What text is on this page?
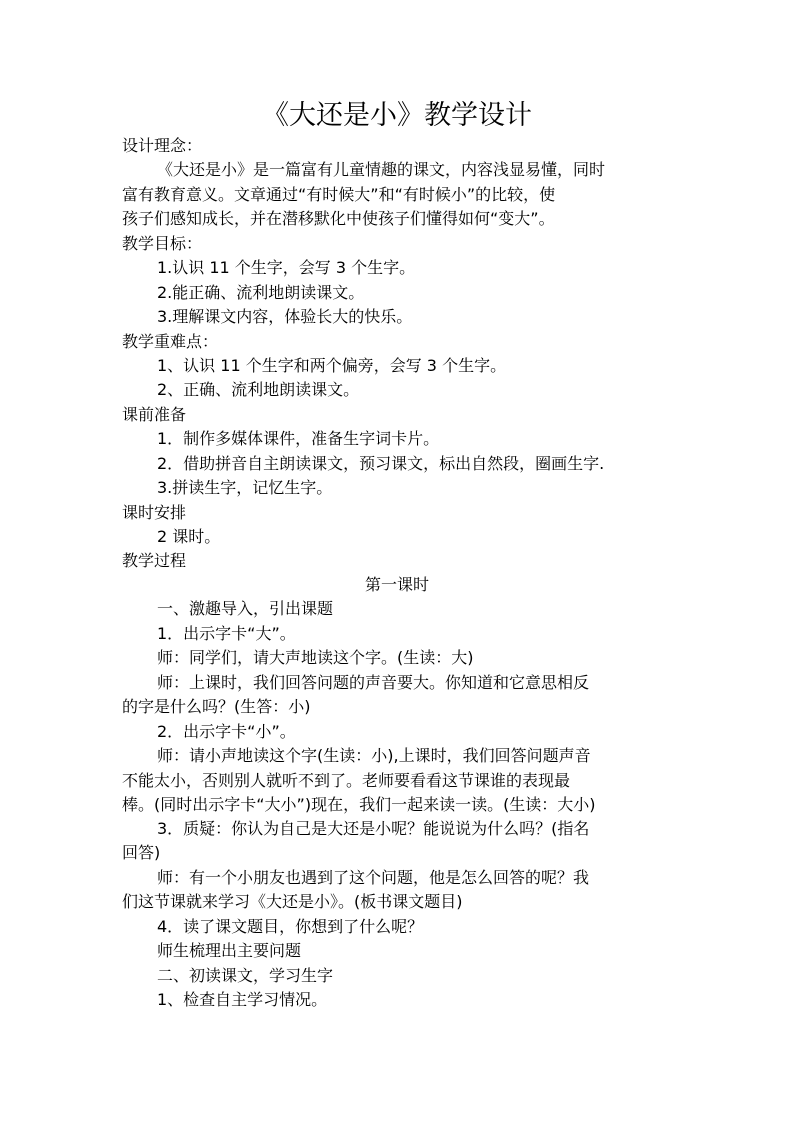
《大还是小》教学设计
设计理念：
《大还是小》是一篇富有儿童情趣的课文，内容浅显易懂，同时
富有教育意义。文章通过“有时候大”和“有时候小”的比较，使
孩子们感知成长，并在潜移默化中使孩子们懂得如何“变大”。
教学目标：
1.认识 11 个生字，会写 3 个生字。
2.能正确、流利地朗读课文。
3.理解课文内容，体验长大的快乐。
教学重难点：
1、认识 11 个生字和两个偏旁，会写 3 个生字。
2、正确、流利地朗读课文。
课前准备
1．制作多媒体课件，准备生字词卡片。
2．借助拼音自主朗读课文，预习课文，标出自然段，圈画生字.
3.拼读生字，记忆生字。
课时安排
2 课时。
教学过程
第一课时
一、激趣导入，引出课题
1．出示字卡“大”。
师：同学们，请大声地读这个字。(生读：大)
师：上课时，我们回答问题的声音要大。你知道和它意思相反
的字是什么吗？(生答：小)
2．出示字卡“小”。
师：请小声地读这个字(生读：小),上课时，我们回答问题声音
不能太小，否则别人就听不到了。老师要看看这节课谁的表现最
棒。(同时出示字卡“大小”)现在，我们一起来读一读。(生读：大小)
3．质疑：你认为自己是大还是小呢？能说说为什么吗？(指名
回答)
师：有一个小朋友也遇到了这个问题，他是怎么回答的呢？我
们这节课就来学习《大还是小》。(板书课文题目)
4．读了课文题目，你想到了什么呢？
师生梳理出主要问题
二、初读课文，学习生字
1、检查自主学习情况。
